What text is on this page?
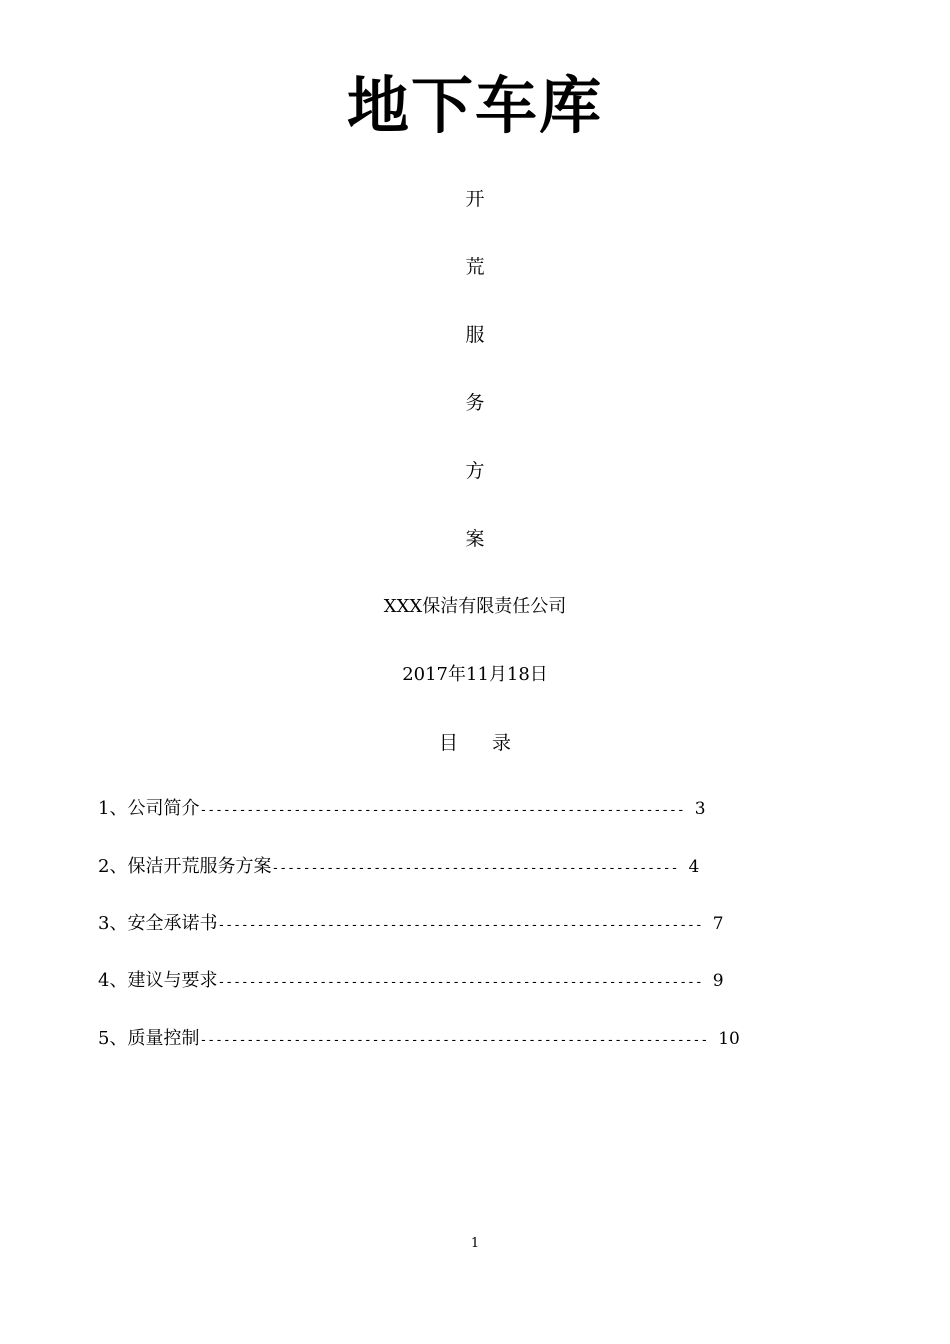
地下车库
开
荒
服
务
方
案
XXX保洁有限责任公司
2017年11月18日
目 录
1、公司简介-------------------------------------------------------------- 3
2、保洁开荒服务方案---------------------------------------------------- 4
3、安全承诺书-------------------------------------------------------------- 7
4、建议与要求-------------------------------------------------------------- 9
5、质量控制----------------------------------------------------------------- 10
1
